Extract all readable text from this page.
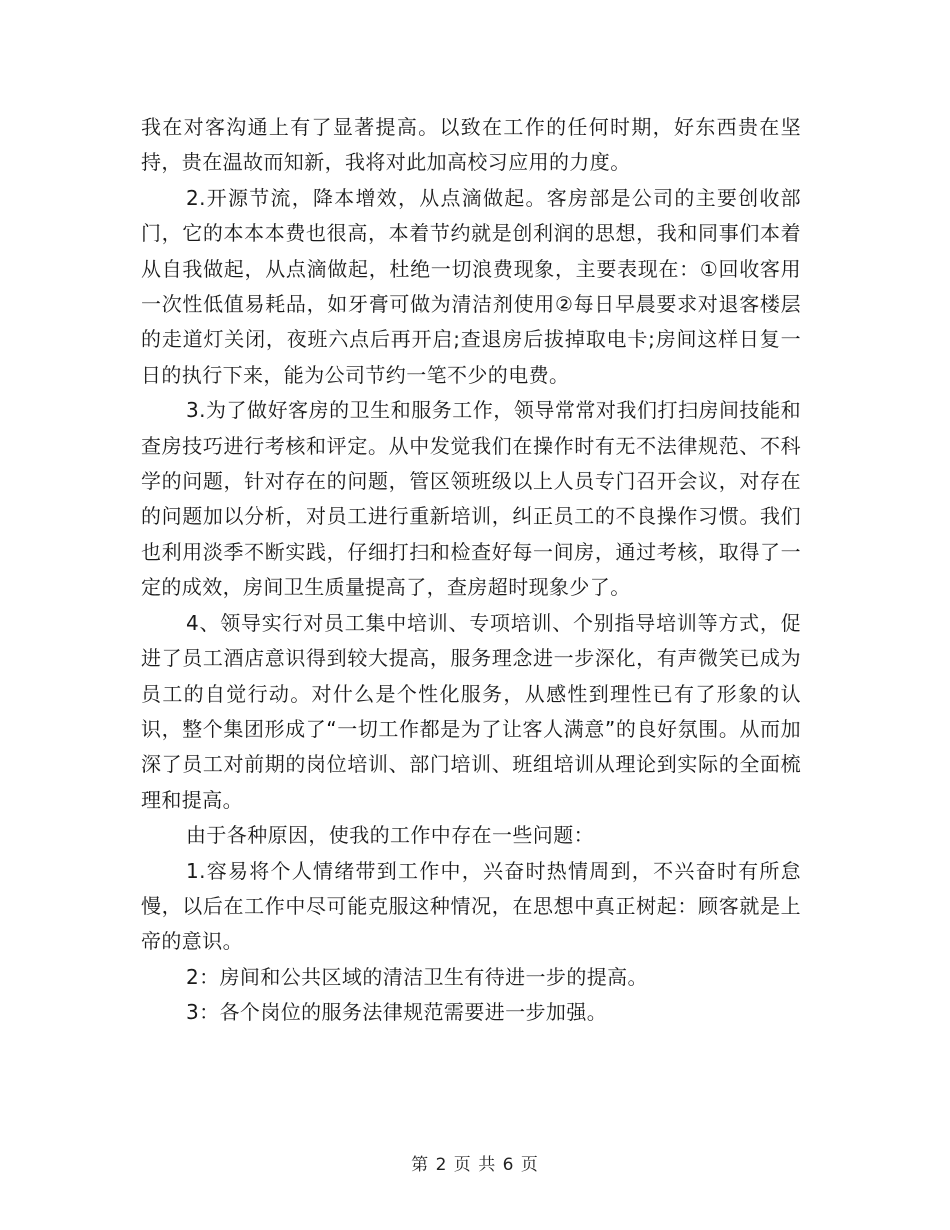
我在对客沟通上有了显著提高。以致在工作的任何时期，好东西贵在坚持，贵在温故而知新，我将对此加高校习应用的力度。

2.开源节流，降本增效，从点滴做起。客房部是公司的主要创收部门，它的本本本费也很高，本着节约就是创利润的思想，我和同事们本着从自我做起，从点滴做起，杜绝一切浪费现象，主要表现在：①回收客用一次性低值易耗品，如牙膏可做为清洁剂使用②每日早晨要求对退客楼层的走道灯关闭，夜班六点后再开启;查退房后拔掉取电卡;房间这样日复一日的执行下来，能为公司节约一笔不少的电费。

3.为了做好客房的卫生和服务工作，领导常常对我们打扫房间技能和查房技巧进行考核和评定。从中发觉我们在操作时有无不法律规范、不科学的问题，针对存在的问题，管区领班级以上人员专门召开会议，对存在的问题加以分析，对员工进行重新培训，纠正员工的不良操作习惯。我们也利用淡季不断实践，仔细打扫和检查好每一间房，通过考核，取得了一定的成效，房间卫生质量提高了，查房超时现象少了。

4、领导实行对员工集中培训、专项培训、个别指导培训等方式，促进了员工酒店意识得到较大提高，服务理念进一步深化，有声微笑已成为员工的自觉行动。对什么是个性化服务，从感性到理性已有了形象的认识，整个集团形成了“一切工作都是为了让客人满意”的良好氛围。从而加深了员工对前期的岗位培训、部门培训、班组培训从理论到实际的全面梳理和提高。

由于各种原因，使我的工作中存在一些问题：

1.容易将个人情绪带到工作中，兴奋时热情周到，不兴奋时有所怠慢，以后在工作中尽可能克服这种情况，在思想中真正树起：顾客就是上帝的意识。

2：房间和公共区域的清洁卫生有待进一步的提高。

3：各个岗位的服务法律规范需要进一步加强。

第 2 页 共 6 页
